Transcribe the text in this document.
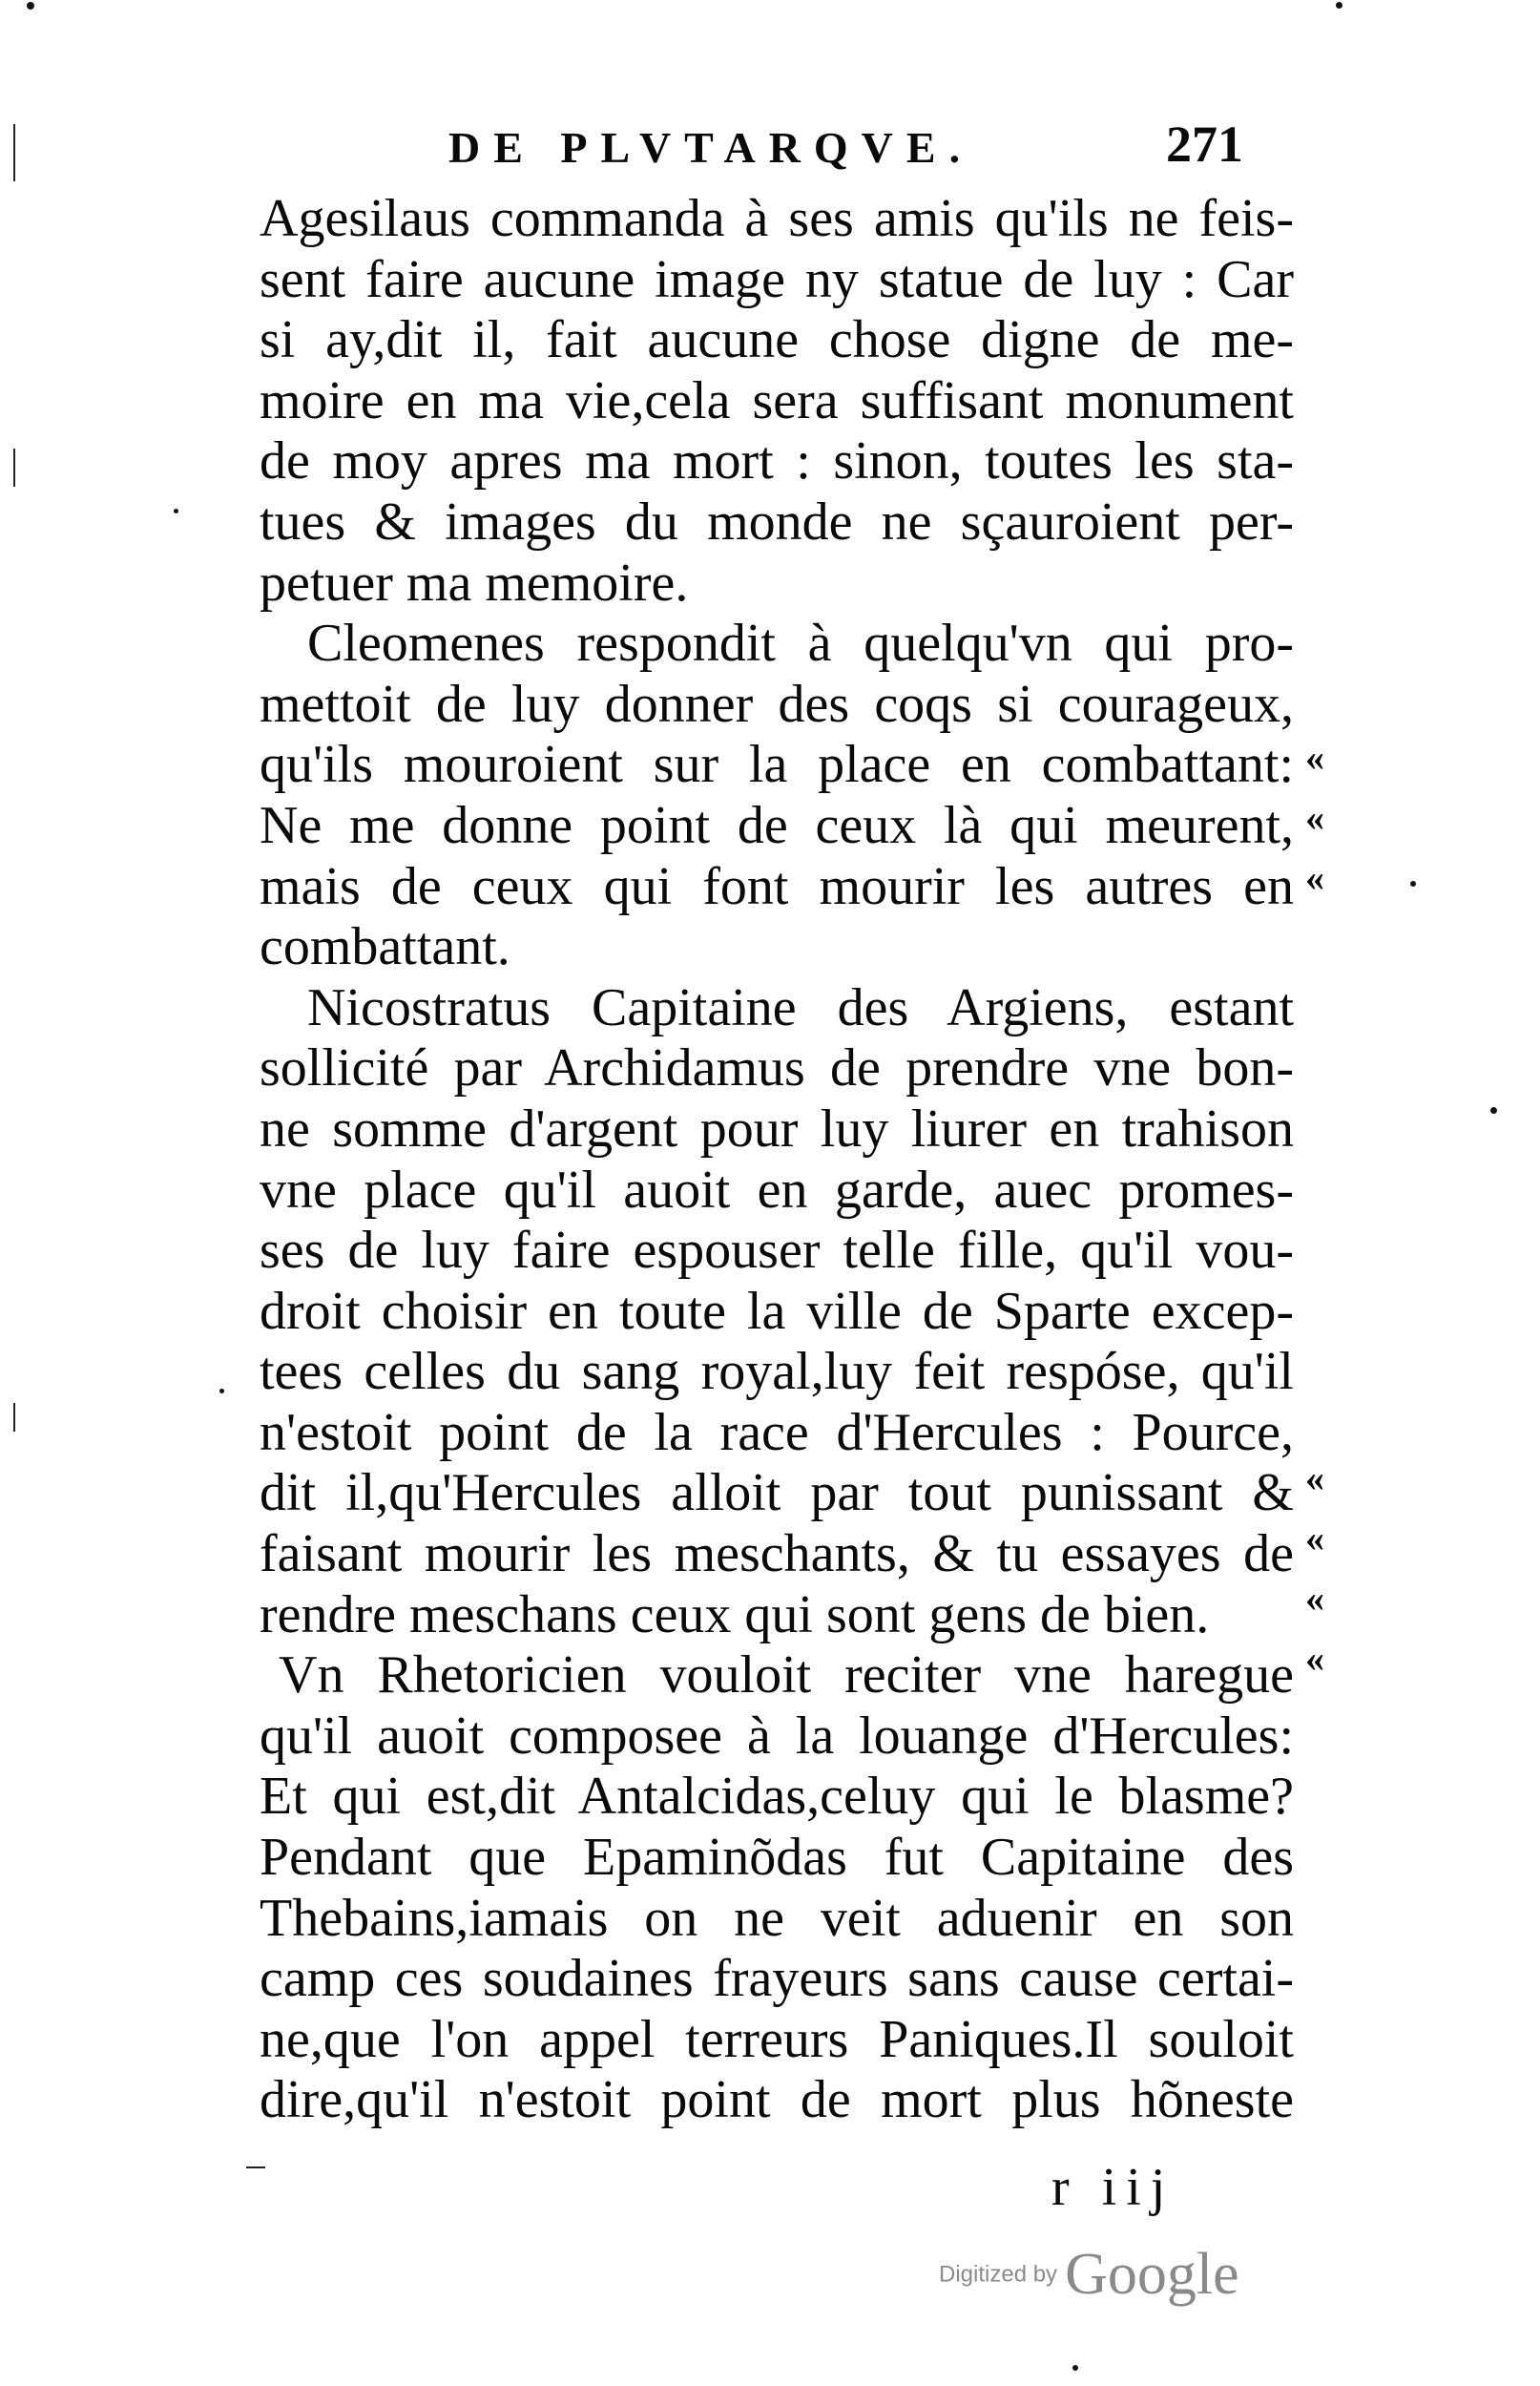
DE PLVTARQVE.	271
Agesilaus commanda à ses amis qu'ils ne feis-
sent faire aucune image ny statue de luy : Car
si ay,dit il, fait aucune chose digne de me-
moire en ma vie,cela sera suffisant monument
de moy apres ma mort : sinon, toutes les sta-
tues & images du monde ne sçauroient per-
petuer ma memoire.
Cleomenes respondit à quelqu'vn qui pro-
mettoit de luy donner des coqs si courageux,
qu'ils mouroient sur la place en combattant:
Ne me donne point de ceux là qui meurent,
mais de ceux qui font mourir les autres en
combattant.
Nicostratus Capitaine des Argiens, estant
sollicité par Archidamus de prendre vne bon-
ne somme d'argent pour luy liurer en trahison
vne place qu'il auoit en garde, auec promes-
ses de luy faire espouser telle fille, qu'il vou-
droit choisir en toute la ville de Sparte excep-
tees celles du sang royal,luy feit respóse, qu'il
n'estoit point de la race d'Hercules : Pource,
dit il,qu'Hercules alloit par tout punissant &
faisant mourir les meschants, & tu essayes de
rendre meschans ceux qui sont gens de bien.
Vn Rhetoricien vouloit reciter vne haregue
qu'il auoit composee à la louange d'Hercules:
Et qui est,dit Antalcidas,celuy qui le blasme?
Pendant que Epaminõdas fut Capitaine des
Thebains,iamais on ne veit aduenir en son
camp ces soudaines frayeurs sans cause certai-
ne,que l'on appel terreurs Paniques.Il souloit
dire,qu'il n'estoit point de mort plus hõneste
«
«
«
«
«
«
«
r iij
Digitized by Google
